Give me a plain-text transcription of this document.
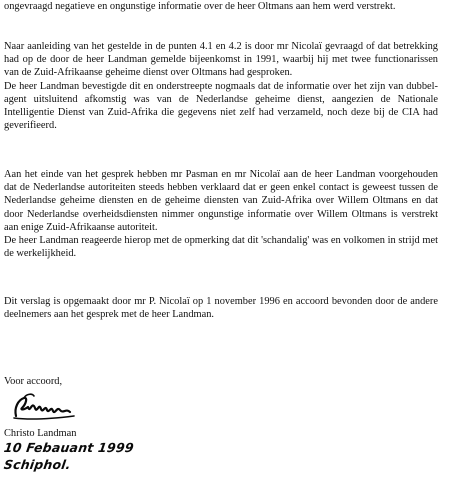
ongevraagd negatieve en ongunstige informatie over de heer Oltmans aan hem werd verstrekt.

Naar aanleiding van het gestelde in de punten 4.1 en 4.2 is door mr Nicolaï gevraagd of dat betrekking had op de door de heer Landman gemelde bijeenkomst in 1991, waarbij hij met twee functionarissen van de Zuid-Afrikaanse geheime dienst over Oltmans had gesproken.
De heer Landman bevestigde dit en onderstreepte nogmaals dat de informatie over het zijn van dubbel-agent uitsluitend afkomstig was van de Nederlandse geheime dienst, aangezien de Nationale Intelligentie Dienst van Zuid-Afrika die gegevens niet zelf had verzameld, noch deze bij de CIA had geverifieerd.

Aan het einde van het gesprek hebben mr Pasman en mr Nicolaï aan de heer Landman voorgehouden dat de Nederlandse autoriteiten steeds hebben verklaard dat er geen enkel contact is geweest tussen de Nederlandse geheime diensten en de geheime diensten van Zuid-Afrika over Willem Oltmans en dat door Nederlandse overheidsdiensten nimmer ongunstige informatie over Willem Oltmans is verstrekt aan enige Zuid-Afrikaanse autoriteit.
De heer Landman reageerde hierop met de opmerking dat dit 'schandalig' was en volkomen in strijd met de werkelijkheid.

Dit verslag is opgemaakt door mr P. Nicolaï op 1 november 1996 en accoord bevonden door de andere deelnemers aan het gesprek met de heer Landman.

Voor accoord,
Christo Landman
10 Febauant 1999
Schiphol.
